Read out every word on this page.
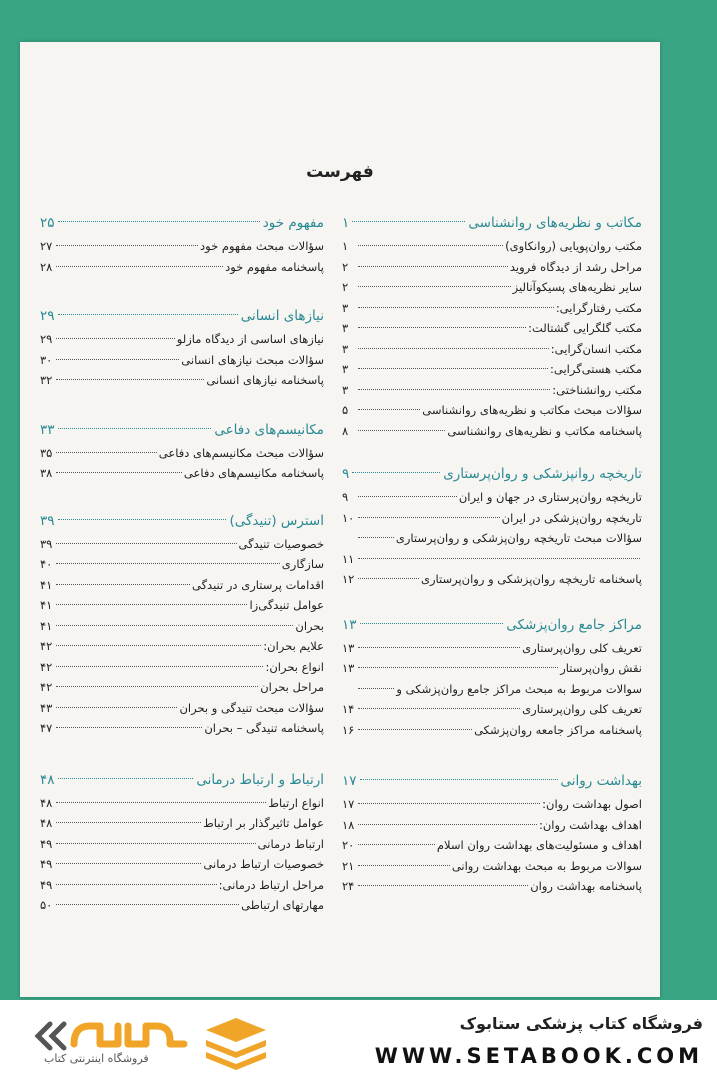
فهرست
مکاتب و نظریه‌های روانشناسی
۱
مکتب روان‌پویایی (روانکاوی)
۱
مراحل رشد از دیدگاه فروید
۲
سایر نظریه‌های پسیکوآنالیز
۲
مکتب رفتارگرایی:
۳
مکتب گلگرایی گشتالت:
۳
مکتب انسان‌گرایی:
۳
مکتب هستی‌گرایی:
۳
مکتب روانشناختی:
۳
سؤالات مبحث مکاتب و نظریه‌های روانشناسی
۵
پاسخنامه مکاتب و نظریه‌های روانشناسی
۸
تاریخچه روانپزشکی و روان‌پرستاری
۹
تاریخچه روان‌پرستاری در جهان و ایران
۹
تاریخچه روان‌پزشکی در ایران
۱۰
سؤالات مبحث تاریخچه روان‌پزشکی و روان‌پرستاری
۱۱
پاسخنامه تاریخچه روان‌پزشکی و روان‌پرستاری
۱۲
مراکز جامع روان‌پزشکی
۱۳
تعریف کلی روان‌پرستاری
۱۳
نقش روان‌پرستار
۱۳
سوالات مربوط به مبحث مراکز جامع روان‌پزشکی و
تعریف کلی روان‌پرستاری
۱۴
پاسخنامه مراکز جامعه روان‌پزشکی
۱۶
بهداشت روانی
۱۷
اصول بهداشت روان:
۱۷
اهداف بهداشت روان:
۱۸
اهداف و مسئولیت‌های بهداشت روان اسلام
۲۰
سوالات مربوط به مبحث بهداشت روانی
۲۱
پاسخنامه بهداشت روان
۲۴
مفهوم خود
۲۵
سؤالات مبحث مفهوم خود
۲۷
پاسخنامه مفهوم خود
۲۸
نیازهای انسانی
۲۹
نیازهای اساسی از دیدگاه مازلو
۲۹
سؤالات مبحث نیازهای انسانی
۳۰
پاسخنامه نیازهای انسانی
۳۲
مکانیسم‌های دفاعی
۳۳
سؤالات مبحث مکانیسم‌های دفاعی
۳۵
پاسخنامه مکانیسم‌های دفاعی
۳۸
استرس (تنیدگی)
۳۹
خصوصیات تنیدگی
۳۹
سازگاری
۴۰
اقدامات پرستاری در تنیدگی
۴۱
عوامل تنیدگی‌زا
۴۱
بحران
۴۱
علایم بحران:
۴۲
انواع بحران:
۴۲
مراحل بحران
۴۲
سؤالات مبحث تنیدگی و بحران
۴۳
پاسخنامه تنیدگی – بحران
۴۷
ارتباط و ارتباط درمانی
۴۸
انواع ارتباط
۴۸
عوامل تاثیرگذار بر ارتباط
۴۸
ارتباط درمانی
۴۹
خصوصیات ارتباط درمانی
۴۹
مراحل ارتباط درمانی:
۴۹
مهارتهای ارتباطی
۵۰
فروشگاه اینترنتی کتاب
فروشگاه کتاب پزشکی ستابوک
WWW.SETABOOK.COM
